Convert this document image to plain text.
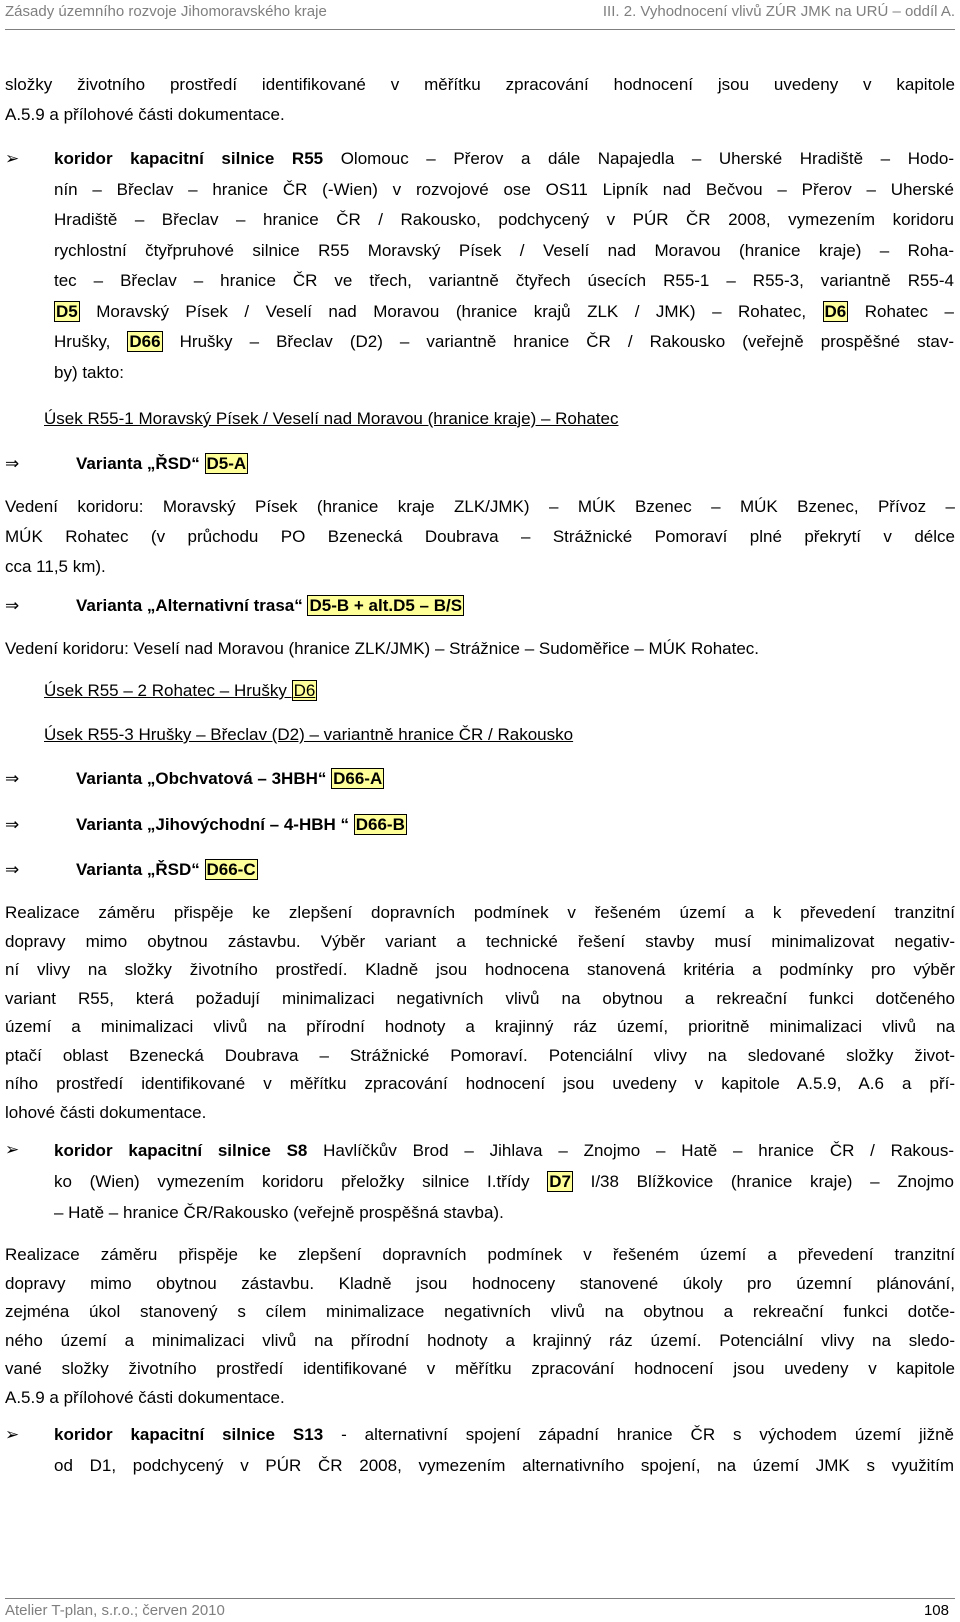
Zásady územního rozvoje Jihomoravského kraje	III. 2. Vyhodnocení vlivů ZÚR JMK na URÚ – oddíl A.
složky životního prostředí identifikované v měřítku zpracování hodnocení jsou uvedeny v kapitole
A.5.9 a přílohové části dokumentace.
➢	koridor kapacitní silnice R55 Olomouc – Přerov a dále Napajedla – Uherské Hradiště – Hodo-
nín – Břeclav – hranice ČR (-Wien) v rozvojové ose OS11 Lipník nad Bečvou – Přerov – Uherské
Hradiště – Břeclav – hranice ČR / Rakousko, podchycený v PÚR ČR 2008, vymezením koridoru
rychlostní čtyřpruhové silnice R55 Moravský Písek / Veselí nad Moravou (hranice kraje) – Roha-
tec – Břeclav – hranice ČR ve třech, variantně čtyřech úsecích R55-1 – R55-3, variantně R55-4
D5 Moravský Písek / Veselí nad Moravou (hranice krajů ZLK / JMK) – Rohatec, D6 Rohatec –
Hrušky, D66 Hrušky – Břeclav (D2) – variantně hranice ČR / Rakousko (veřejně prospěšné stav-
by) takto:
Úsek R55-1 Moravský Písek / Veselí nad Moravou (hranice kraje) – Rohatec
⇒	Varianta „ŘSD“ D5-A
Vedení koridoru: Moravský Písek (hranice kraje ZLK/JMK) – MÚK Bzenec – MÚK Bzenec, Přívoz –
MÚK Rohatec (v průchodu PO Bzenecká Doubrava – Strážnické Pomoraví plné překrytí v délce
cca 11,5 km).
⇒	Varianta „Alternativní trasa“ D5-B + alt.D5 – B/S
Vedení koridoru: Veselí nad Moravou (hranice ZLK/JMK) – Strážnice – Sudoměřice – MÚK Rohatec.
Úsek R55 – 2 Rohatec – Hrušky D6
Úsek R55-3 Hrušky – Břeclav (D2) – variantně hranice ČR / Rakousko
⇒	Varianta „Obchvatová – 3HBH“ D66-A
⇒	Varianta „Jihovýchodní – 4-HBH “ D66-B
⇒	Varianta „ŘSD“ D66-C
Realizace záměru přispěje ke zlepšení dopravních podmínek v řešeném území a k převedení tranzitní
dopravy mimo obytnou zástavbu. Výběr variant a technické řešení stavby musí minimalizovat negativ-
ní vlivy na složky životního prostředí. Kladně jsou hodnocena stanovená kritéria a podmínky pro výběr
variant R55, která požadují minimalizaci negativních vlivů na obytnou a rekreační funkci dotčeného
území a minimalizaci vlivů na přírodní hodnoty a krajinný ráz území, prioritně minimalizaci vlivů na
ptačí oblast Bzenecká Doubrava – Strážnické Pomoraví. Potenciální vlivy na sledované složky život-
ního prostředí identifikované v měřítku zpracování hodnocení jsou uvedeny v kapitole A.5.9, A.6 a pří-
lohové části dokumentace.
➢	koridor kapacitní silnice S8 Havlíčkův Brod – Jihlava – Znojmo – Hatě – hranice ČR / Rakous-
ko (Wien) vymezením koridoru přeložky silnice I.třídy D7 I/38 Blížkovice (hranice kraje) – Znojmo
– Hatě – hranice ČR/Rakousko (veřejně prospěšná stavba).
Realizace záměru přispěje ke zlepšení dopravních podmínek v řešeném území a převedení tranzitní
dopravy mimo obytnou zástavbu. Kladně jsou hodnoceny stanovené úkoly pro územní plánování,
zejména úkol stanovený s cílem minimalizace negativních vlivů na obytnou a rekreační funkci dotče-
ného území a minimalizaci vlivů na přírodní hodnoty a krajinný ráz území. Potenciální vlivy na sledo-
vané složky životního prostředí identifikované v měřítku zpracování hodnocení jsou uvedeny v kapitole
A.5.9 a přílohové části dokumentace.
➢	koridor kapacitní silnice S13 - alternativní spojení západní hranice ČR s východem území jižně
od D1, podchycený v PÚR ČR 2008, vymezením alternativního spojení, na území JMK s využitím
Atelier T-plan, s.r.o.; červen 2010	108
